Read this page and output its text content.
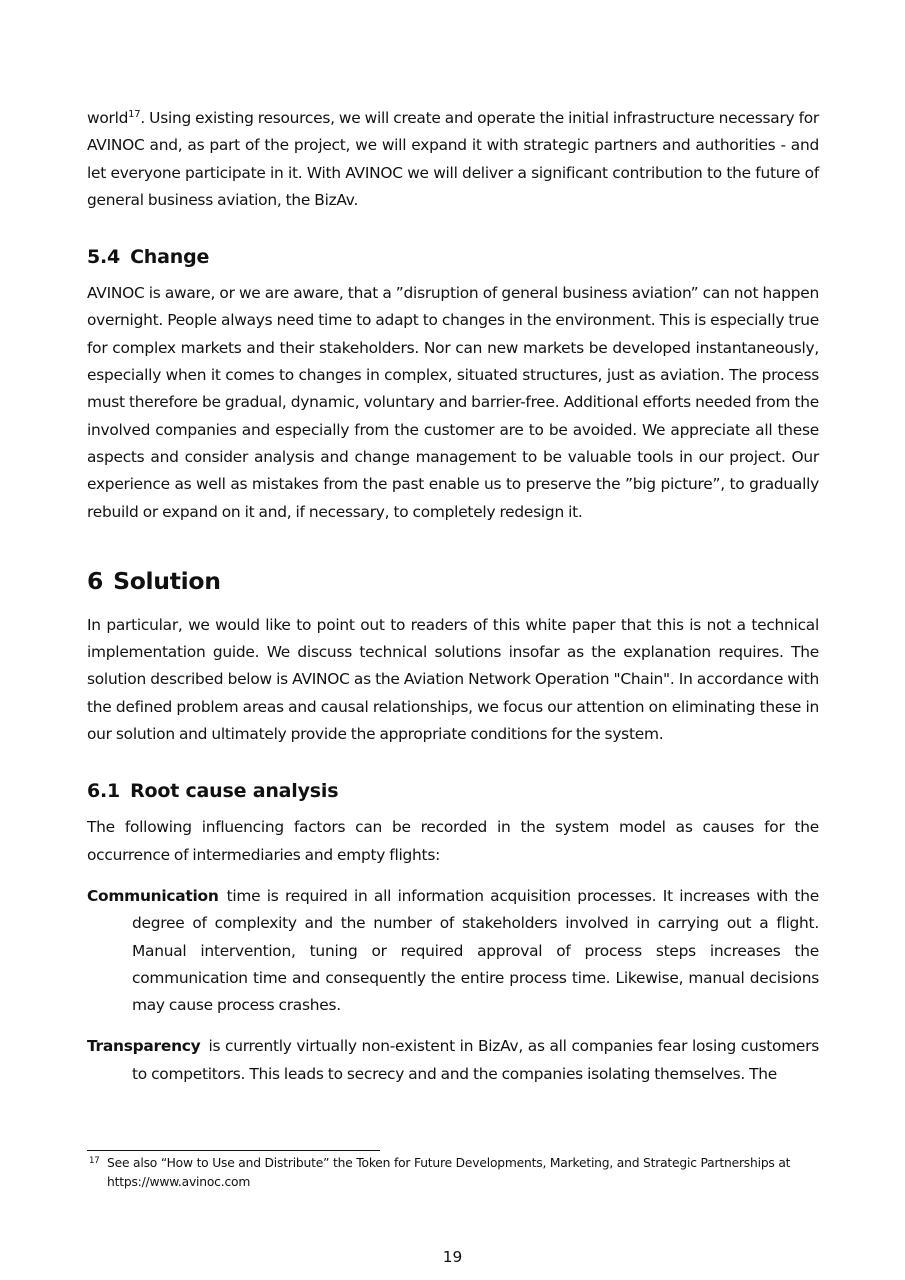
world$^{17}$. Using existing resources, we will create and operate the initial infrastructure necessary for AVINOC and, as part of the project, we will expand it with strategic partners and authorities - and let everyone participate in it. With AVINOC we will deliver a significant contribution to the future of general business aviation, the BizAv.

5.4 Change

AVINOC is aware, or we are aware, that a ”disruption of general business aviation” can not happen overnight. People always need time to adapt to changes in the environment. This is especially true for complex markets and their stakeholders. Nor can new markets be developed instantaneously, especially when it comes to changes in complex, situated structures, just as aviation. The process must therefore be gradual, dynamic, voluntary and barrier-free. Additional efforts needed from the involved companies and especially from the customer are to be avoided. We appreciate all these aspects and consider analysis and change management to be valuable tools in our project. Our experience as well as mistakes from the past enable us to preserve the ”big picture”, to gradually rebuild or expand on it and, if necessary, to completely redesign it.

6 Solution

In particular, we would like to point out to readers of this white paper that this is not a technical implementation guide. We discuss technical solutions insofar as the explanation requires. The solution described below is AVINOC as the Aviation Network Operation "Chain". In accordance with the defined problem areas and causal relationships, we focus our attention on eliminating these in our solution and ultimately provide the appropriate conditions for the system.

6.1 Root cause analysis

The following influencing factors can be recorded in the system model as causes for the occurrence of intermediaries and empty flights:

Communication time is required in all information acquisition processes. It increases with the degree of complexity and the number of stakeholders involved in carrying out a flight. Manual intervention, tuning or required approval of process steps increases the communication time and consequently the entire process time. Likewise, manual decisions may cause process crashes.
Transparency is currently virtually non-existent in BizAv, as all companies fear losing customers to competitors. This leads to secrecy and and the companies isolating themselves. The
17 See also “How to Use and Distribute” the Token for Future Developments, Marketing, and Strategic Partnerships at https://www.avinoc.com
19
